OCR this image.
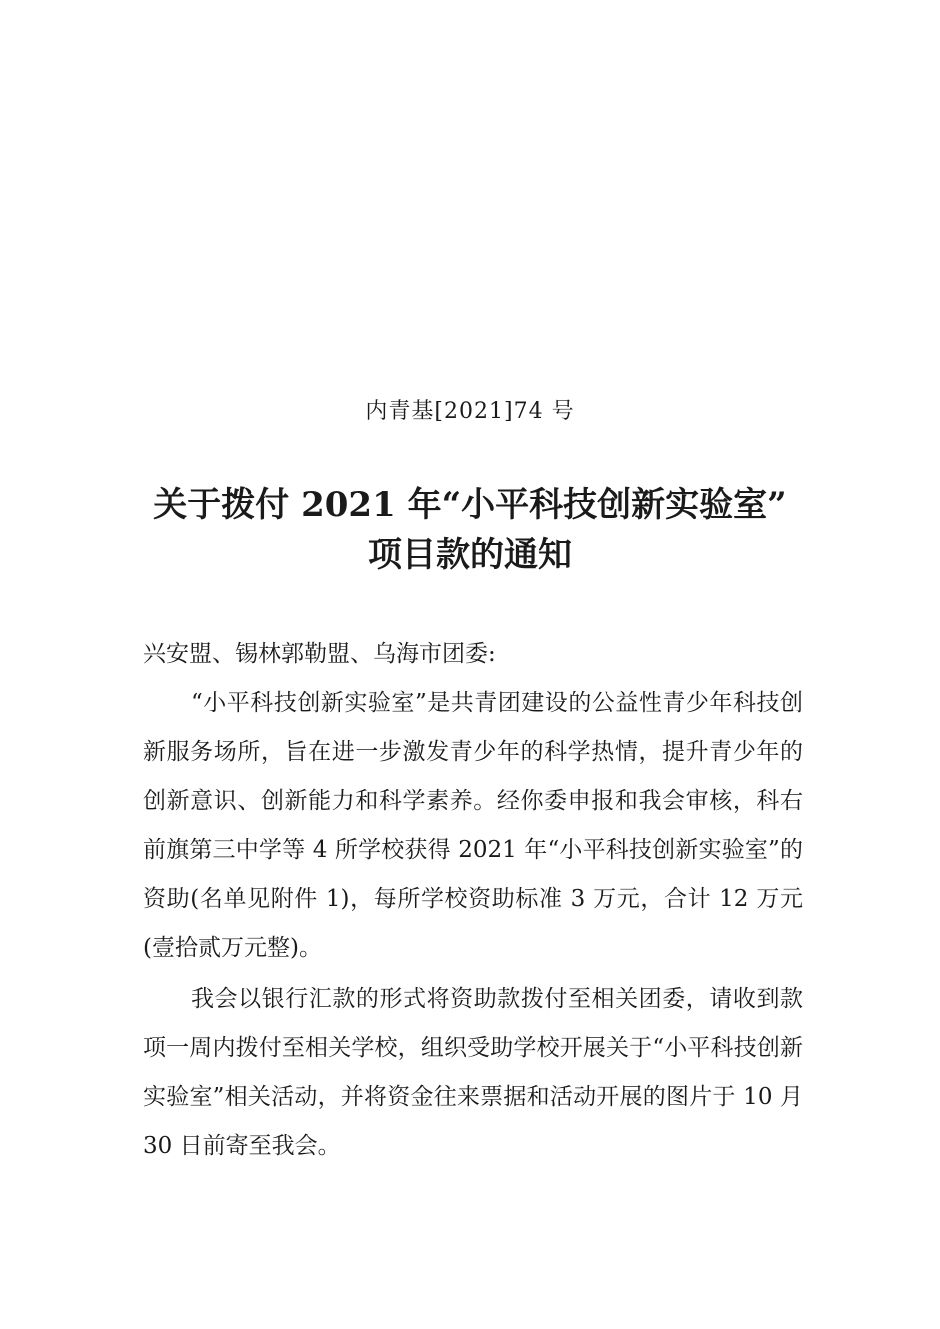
内青基[2021]74 号
关于拨付 2021 年“小平科技创新实验室”
项目款的通知

兴安盟、锡林郭勒盟、乌海市团委:

“小平科技创新实验室”是共青团建设的公益性青少年科技创新服务场所，旨在进一步激发青少年的科学热情，提升青少年的创新意识、创新能力和科学素养。经你委申报和我会审核，科右前旗第三中学等 4 所学校获得 2021 年“小平科技创新实验室”的资助(名单见附件 1)，每所学校资助标准 3 万元，合计 12 万元(壹拾贰万元整)。

我会以银行汇款的形式将资助款拨付至相关团委，请收到款项一周内拨付至相关学校，组织受助学校开展关于“小平科技创新实验室”相关活动，并将资金往来票据和活动开展的图片于 10 月 30 日前寄至我会。
